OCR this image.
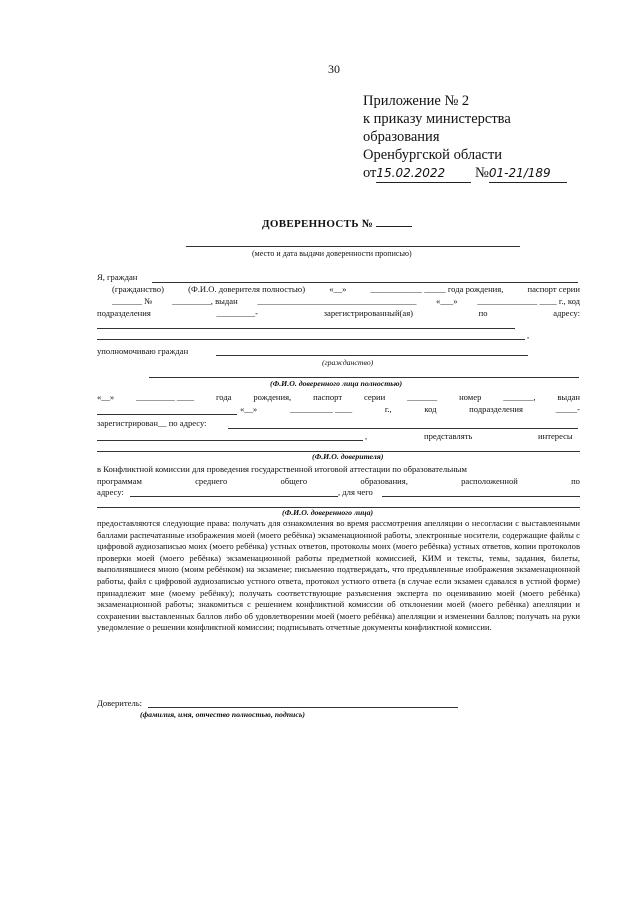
30
Приложение № 2
к приказу министерства
образования
Оренбургской области
от15.02.2022 №01-21/189
ДОВЕРЕННОСТЬ №
(место и дата выдачи доверенности прописью)
Я, граждан
(гражданство)	(Ф.И.О. доверителя полностью)	«__»	____________ _____ года рождения,	паспорт серии
_______ № _________, выдан _____________________________________ «___» ______________ ____ г., код
подразделения	_________-	зарегистрированный(ая)	по	адресу:
,
уполномочиваю граждан
(гражданство)
(Ф.И.О. доверенного лица полностью)
«__»	_________ ____	года	рождения,	паспорт	серии	_______	номер	_______,	выдан
«__»	__________ ____	г.,	код	подразделения	_____-
зарегистрирован__ по адресу:
,	представлять	интересы
(Ф.И.О. доверителя)
в Конфликтной комиссии для проведения государственной итоговой аттестации по образовательным
программам	среднего	общего	образования,	расположенной	по
адресу:	, для чего
(Ф.И.О. доверенного лица)
предоставляются следующие права: получать для ознакомления во время рассмотрения апелляции о несогласии с выставленными баллами распечатанные изображения моей (моего ребёнка) экзаменационной работы, электронные носители, содержащие файлы с цифровой аудиозаписью моих (моего ребёнка) устных ответов, протоколы моих (моего ребёнка) устных ответов, копии протоколов проверки моей (моего ребёнка) экзаменационной работы предметной комиссией, КИМ и тексты, темы, задания, билеты, выполнявшиеся мною (моим ребёнком) на экзамене; письменно подтверждать, что предъявленные изображения экзаменационной работы, файл с цифровой аудиозаписью устного ответа, протокол устного ответа (в случае если экзамен сдавался в устной форме) принадлежит мне (моему ребёнку); получать соответствующие разъяснения эксперта по оцениванию моей (моего ребёнка) экзаменационной работы; знакомиться с решением конфликтной комиссии об отклонении моей (моего ребёнка) апелляции и сохранении выставленных баллов либо об удовлетворении моей (моего ребёнка) апелляции и изменении баллов; получать на руки уведомление о решении конфликтной комиссии; подписывать отчетные документы конфликтной комиссии.
Доверитель:
(фамилия, имя, отчество полностью, подпись)
